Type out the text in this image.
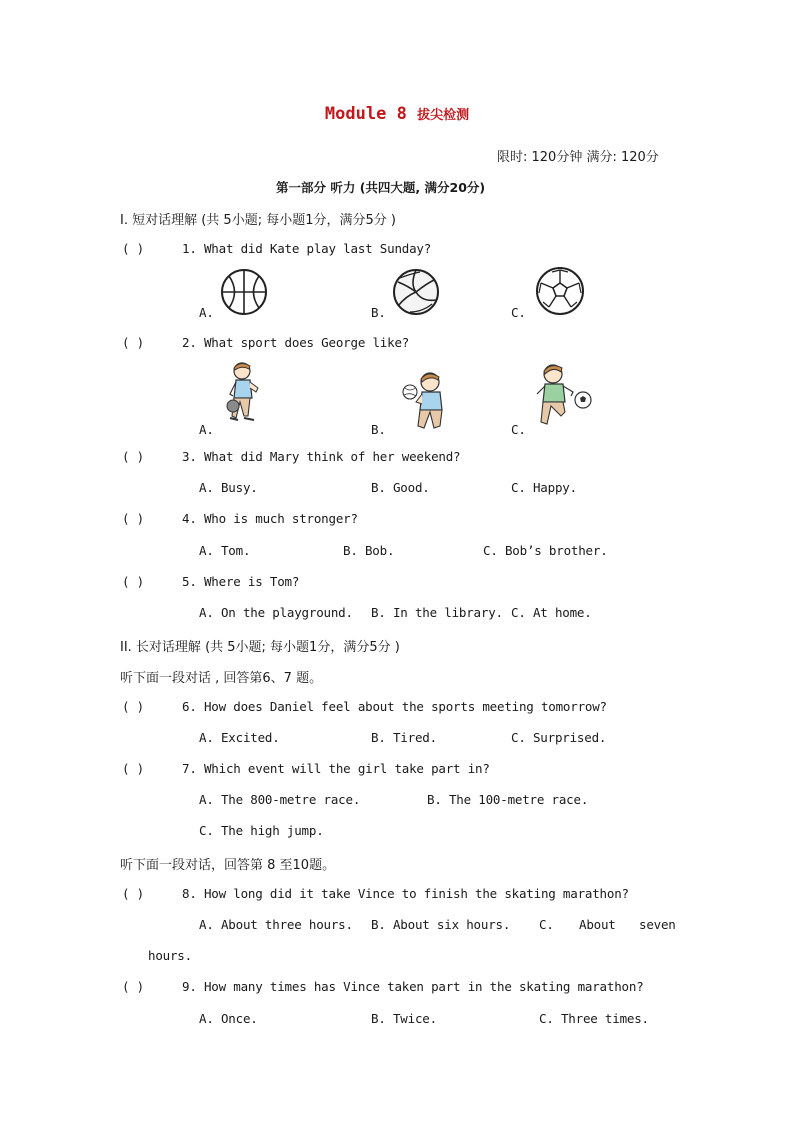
Module 8 拔尖检测
限时: 120分钟 满分: 120分
第一部分 听力 (共四大题, 满分20分)
I. 短对话理解 (共 5小题; 每小题1分，满分5分 )
( )	1. What did Kate play last Sunday?
A.	B.	C.
( )	2. What sport does George like?
A.	B.	C.
( )	3. What did Mary think of her weekend?
A. Busy.	B. Good.	C. Happy.
( )	4. Who is much stronger?
A. Tom.	B. Bob.	C. Bob’s brother.
( )	5. Where is Tom?
A. On the playground. B. In the library. C. At home.
II. 长对话理解 (共 5小题; 每小题1分，满分5分 )
听下面一段对话 , 回答第6、7 题。
( )	6. How does Daniel feel about the sports meeting tomorrow?
A. Excited.	B. Tired.	C. Surprised.
( )	7. Which event will the girl take part in?
A. The 800-metre race.	B. The 100-metre race.
C. The high jump.
听下面一段对话，回答第 8 至10题。
( )	8. How long did it take Vince to finish the skating marathon?
A. About three hours. B. About six hours. C. About seven
hours.
( )	9. How many times has Vince taken part in the skating marathon?
A. Once.	B. Twice.	C. Three times.
